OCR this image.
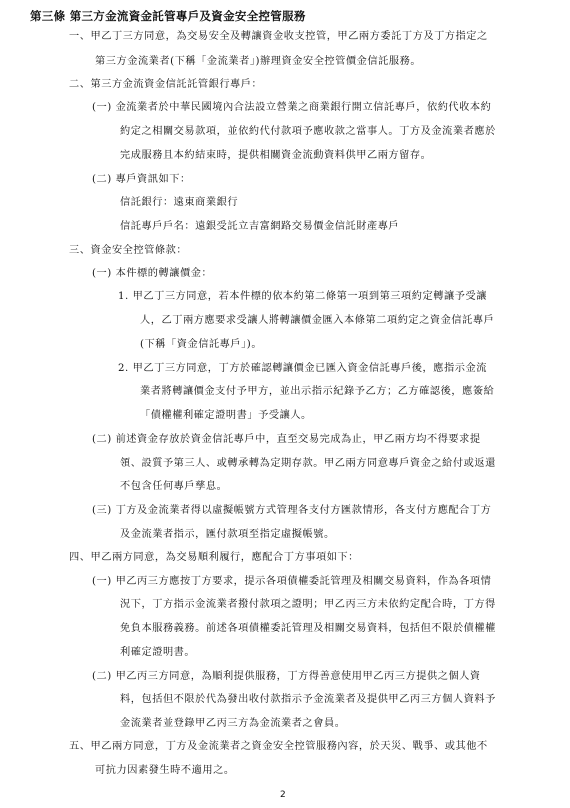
第三條 第三方金流資金託管專戶及資金安全控管服務
一、甲乙丁三方同意，為交易安全及轉讓資金收支控管，甲乙兩方委託丁方及丁方指定之
第三方金流業者(下稱「金流業者」)辦理資金安全控管價金信託服務。
二、第三方金流資金信託託管銀行專戶：
(一) 金流業者於中華民國境內合法設立營業之商業銀行開立信託專戶，依約代收本約
約定之相關交易款項，並依約代付款項予應收款之當事人。丁方及金流業者應於
完成服務且本約結束時，提供相關資金流動資料供甲乙兩方留存。
(二) 專戶資訊如下：
信託銀行：遠東商業銀行
信託專戶戶名：遠銀受託立吉富網路交易價金信託財產專戶
三、資金安全控管條款：
(一) 本件標的轉讓價金：
1. 甲乙丁三方同意，若本件標的依本約第二條第一項到第三項約定轉讓予受讓
人，乙丁兩方應要求受讓人將轉讓價金匯入本條第二項約定之資金信託專戶
(下稱「資金信託專戶」)。
2. 甲乙丁三方同意，丁方於確認轉讓價金已匯入資金信託專戶後，應指示金流
業者將轉讓價金支付予甲方，並出示指示紀錄予乙方；乙方確認後，應簽給
「債權權利確定證明書」予受讓人。
(二) 前述資金存放於資金信託專戶中，直至交易完成為止，甲乙兩方均不得要求提
領、設質予第三人、或轉承轉為定期存款。甲乙兩方同意專戶資金之給付或返還
不包含任何專戶孳息。
(三) 丁方及金流業者得以虛擬帳號方式管理各支付方匯款情形，各支付方應配合丁方
及金流業者指示，匯付款項至指定虛擬帳號。
四、甲乙兩方同意，為交易順利履行，應配合丁方事項如下：
(一) 甲乙丙三方應按丁方要求，提示各項債權委託管理及相關交易資料，作為各項情
況下，丁方指示金流業者撥付款項之證明；甲乙丙三方未依約定配合時，丁方得
免負本服務義務。前述各項債權委託管理及相關交易資料，包括但不限於債權權
利確定證明書。
(二) 甲乙丙三方同意，為順利提供服務，丁方得善意使用甲乙丙三方提供之個人資
料，包括但不限於代為發出收付款指示予金流業者及提供甲乙丙三方個人資料予
金流業者並登錄甲乙丙三方為金流業者之會員。
五、甲乙兩方同意，丁方及金流業者之資金安全控管服務內容，於天災、戰爭、或其他不
可抗力因素發生時不適用之。
2
